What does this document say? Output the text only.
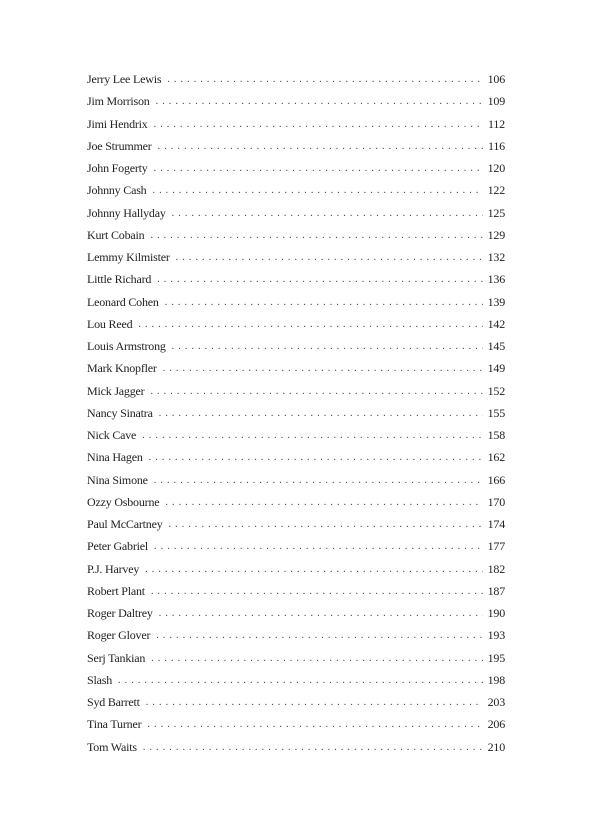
Jerry Lee Lewis . . .	106
Jim Morrison . . .	109
Jimi Hendrix . . .	112
Joe Strummer . . .	116
John Fogerty . . .	120
Johnny Cash . . .	122
Johnny Hallyday . . .	125
Kurt Cobain . . .	129
Lemmy Kilmister . . .	132
Little Richard . . .	136
Leonard Cohen . . .	139
Lou Reed . . .	142
Louis Armstrong . . .	145
Mark Knopfler . . .	149
Mick Jagger . . .	152
Nancy Sinatra . . .	155
Nick Cave . . .	158
Nina Hagen . . .	162
Nina Simone . . .	166
Ozzy Osbourne . . .	170
Paul McCartney . . .	174
Peter Gabriel . . .	177
P.J. Harvey . . .	182
Robert Plant . . .	187
Roger Daltrey . . .	190
Roger Glover . . .	193
Serj Tankian . . .	195
Slash . . .	198
Syd Barrett . . .	203
Tina Turner . . .	206
Tom Waits . . .	210
